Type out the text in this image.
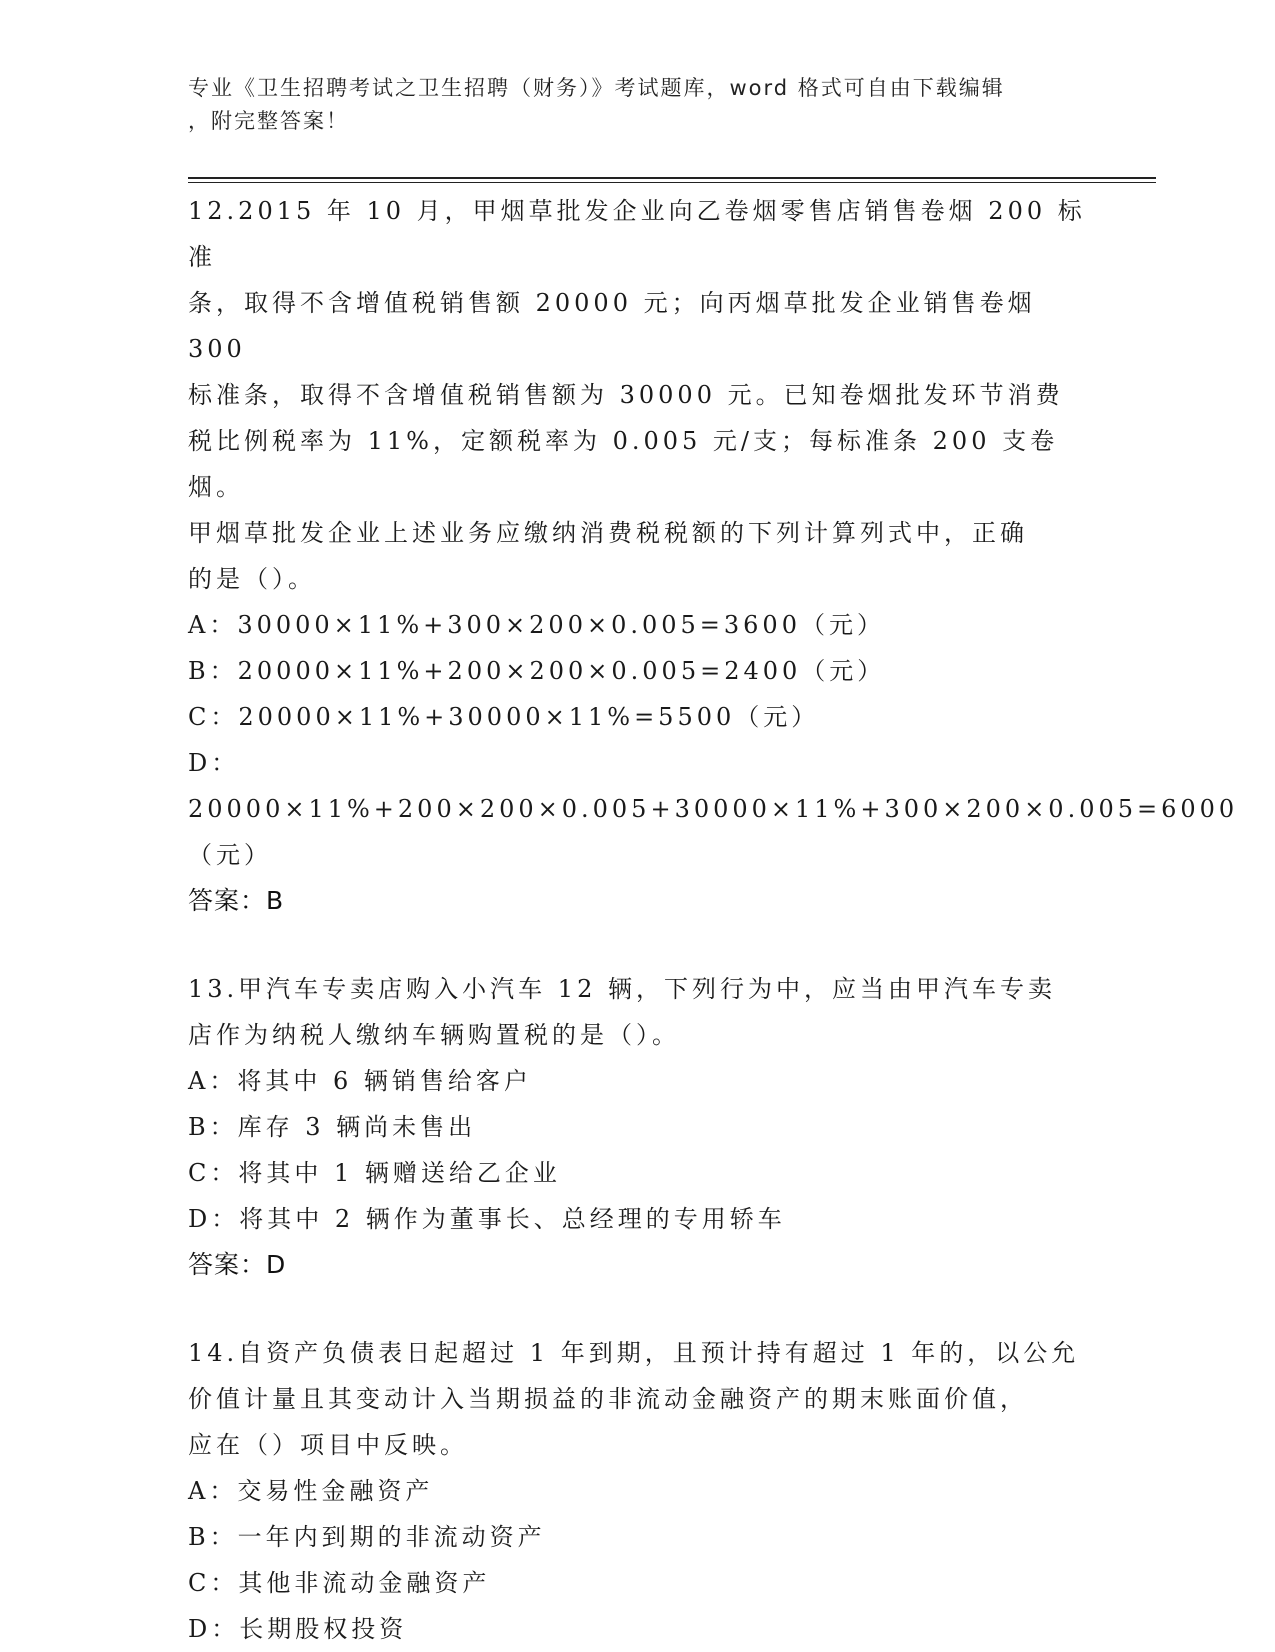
专业《卫生招聘考试之卫生招聘（财务）》考试题库，word 格式可自由下载编辑
，附完整答案！

12.2015 年 10 月，甲烟草批发企业向乙卷烟零售店销售卷烟 200 标准

条，取得不含增值税销售额 20000 元；向丙烟草批发企业销售卷烟 300

标准条，取得不含增值税销售额为 30000 元。已知卷烟批发环节消费

税比例税率为 11%，定额税率为 0.005 元/支；每标准条 200 支卷烟。

甲烟草批发企业上述业务应缴纳消费税税额的下列计算列式中，正确

的是（）。

A：30000×11%+300×200×0.005=3600（元）

B：20000×11%+200×200×0.005=2400（元）

C：20000×11%+30000×11%=5500（元）

D：20000×11%+200×200×0.005+30000×11%+300×200×0.005=6000

（元）

答案：B

13.甲汽车专卖店购入小汽车 12 辆，下列行为中，应当由甲汽车专卖

店作为纳税人缴纳车辆购置税的是（）。

A：将其中 6 辆销售给客户

B：库存 3 辆尚未售出

C：将其中 1 辆赠送给乙企业

D：将其中 2 辆作为董事长、总经理的专用轿车

答案：D

14.自资产负债表日起超过 1 年到期，且预计持有超过 1 年的，以公允

价值计量且其变动计入当期损益的非流动金融资产的期末账面价值，

应在（）项目中反映。

A：交易性金融资产

B：一年内到期的非流动资产

C：其他非流动金融资产

D：长期股权投资
